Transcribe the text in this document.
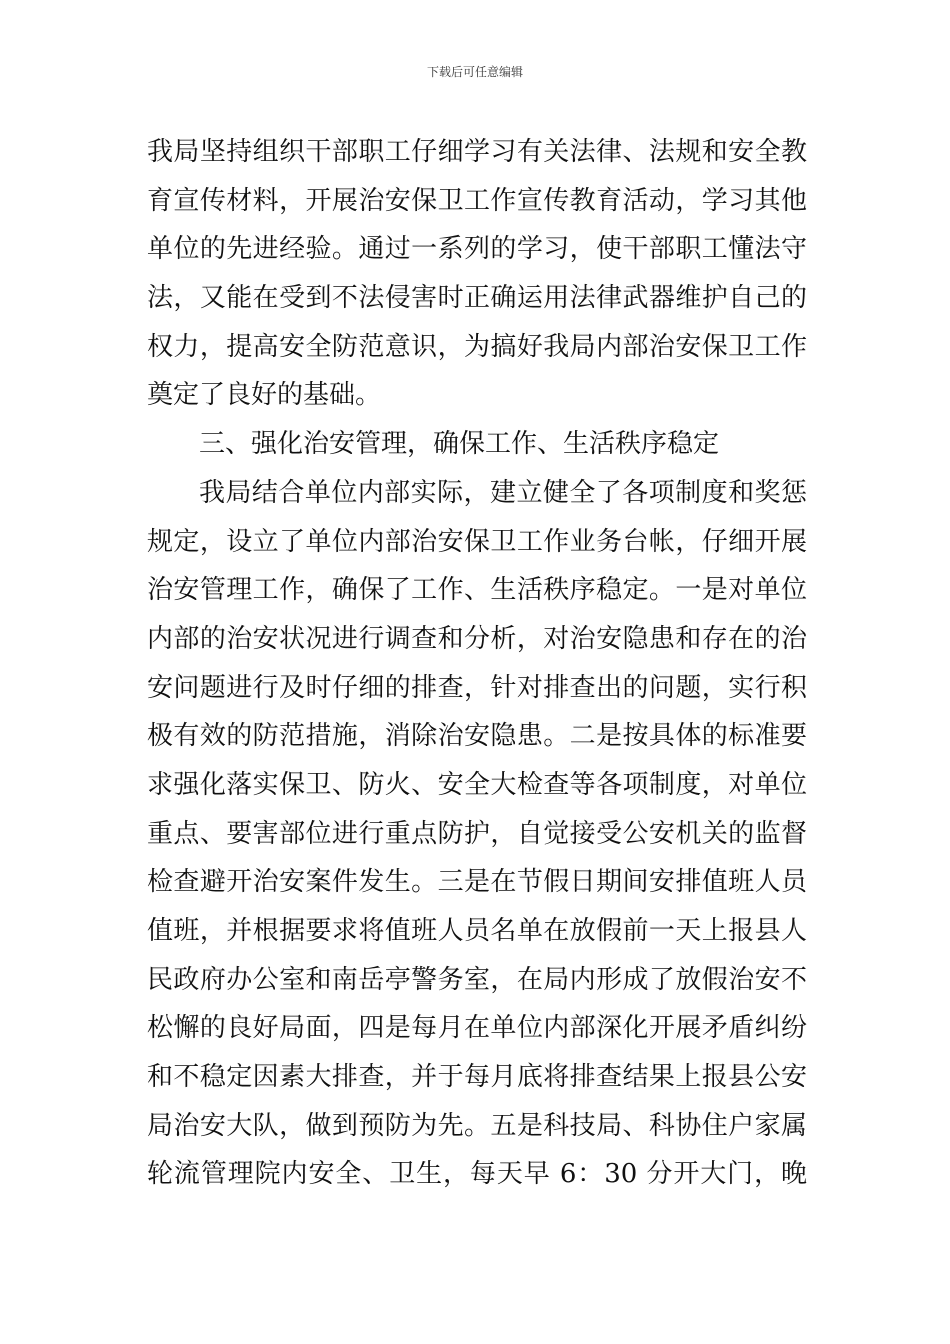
下载后可任意编辑
我局坚持组织干部职工仔细学习有关法律、法规和安全教
育宣传材料，开展治安保卫工作宣传教育活动，学习其他
单位的先进经验。通过一系列的学习，使干部职工懂法守
法，又能在受到不法侵害时正确运用法律武器维护自己的
权力，提高安全防范意识，为搞好我局内部治安保卫工作
奠定了良好的基础。
三、强化治安管理，确保工作、生活秩序稳定
我局结合单位内部实际，建立健全了各项制度和奖惩
规定，设立了单位内部治安保卫工作业务台帐，仔细开展
治安管理工作，确保了工作、生活秩序稳定。一是对单位
内部的治安状况进行调查和分析，对治安隐患和存在的治
安问题进行及时仔细的排查，针对排查出的问题，实行积
极有效的防范措施，消除治安隐患。二是按具体的标准要
求强化落实保卫、防火、安全大检查等各项制度，对单位
重点、要害部位进行重点防护，自觉接受公安机关的监督
检查避开治安案件发生。三是在节假日期间安排值班人员
值班，并根据要求将值班人员名单在放假前一天上报县人
民政府办公室和南岳亭警务室，在局内形成了放假治安不
松懈的良好局面，四是每月在单位内部深化开展矛盾纠纷
和不稳定因素大排查，并于每月底将排查结果上报县公安
局治安大队，做到预防为先。五是科技局、科协住户家属
轮流管理院内安全、卫生，每天早 6：30 分开大门，晚
